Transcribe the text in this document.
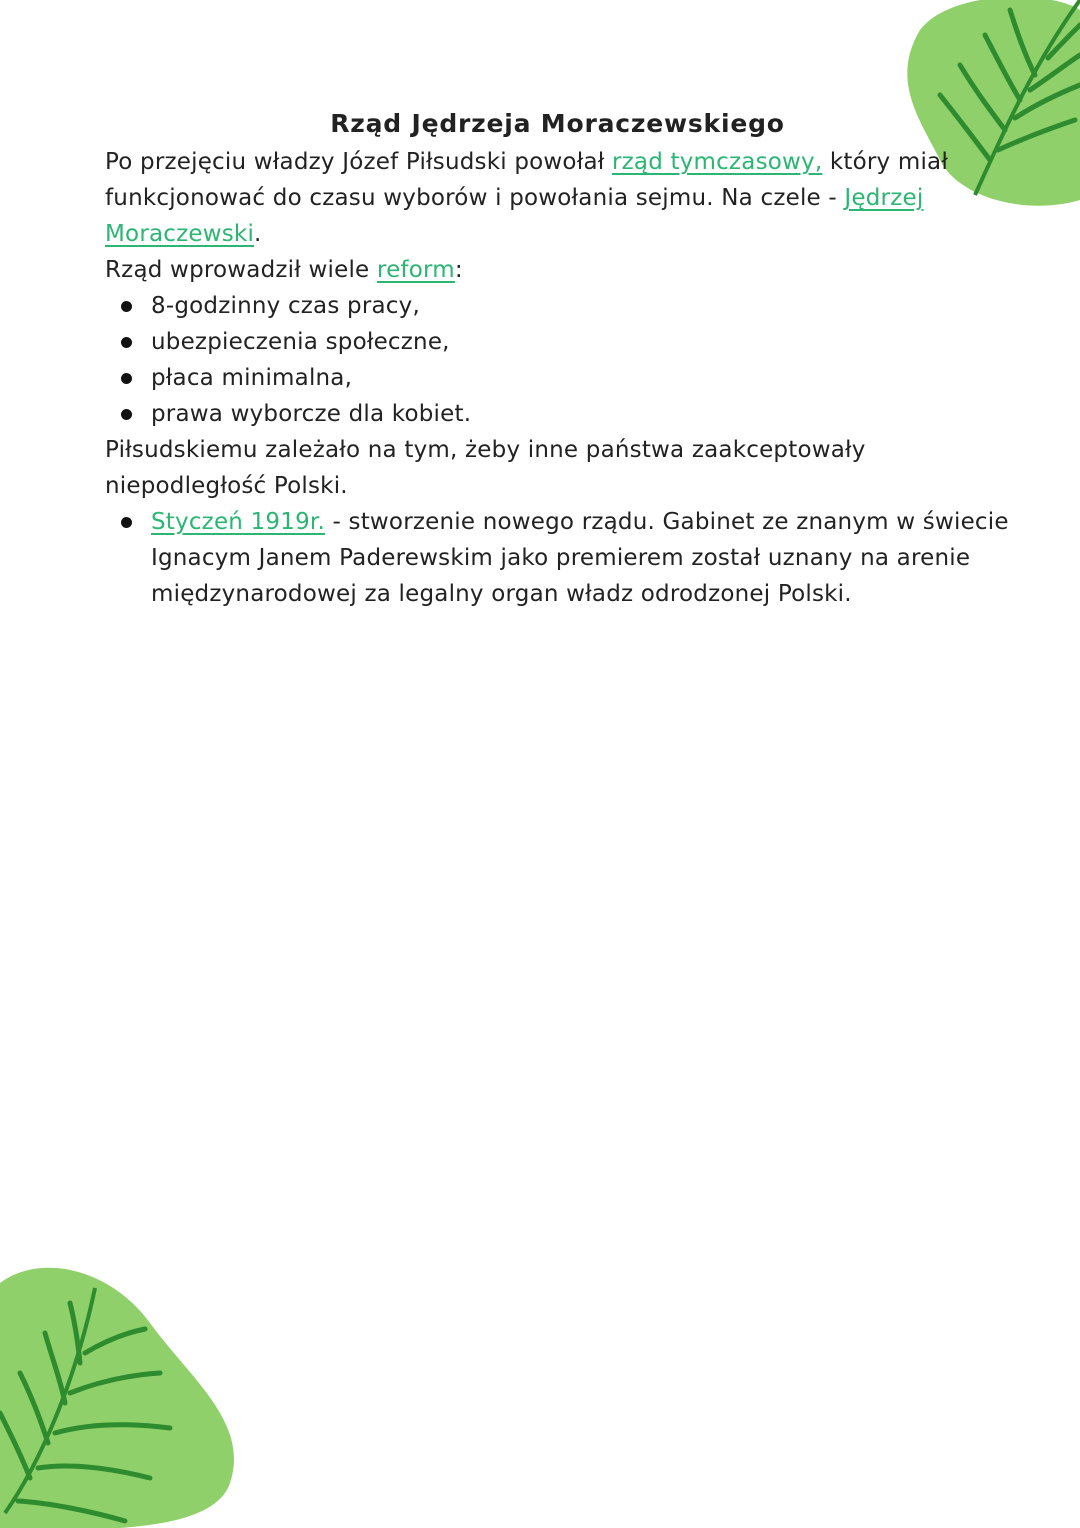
Rząd Jędrzeja Moraczewskiego

Po przejęciu władzy Józef Piłsudski powołał rząd tymczasowy, który miał funkcjonować do czasu wyborów i powołania sejmu. Na czele - Jędrzej Moraczewski.

Rząd wprowadził wiele reform:

8-godzinny czas pracy,
ubezpieczenia społeczne,
płaca minimalna,
prawa wyborcze dla kobiet.

Piłsudskiemu zależało na tym, żeby inne państwa zaakceptowały niepodległość Polski.

Styczeń 1919r. - stworzenie nowego rządu. Gabinet ze znanym w świecie Ignacym Janem Paderewskim jako premierem został uznany na arenie międzynarodowej za legalny organ władz odrodzonej Polski.
